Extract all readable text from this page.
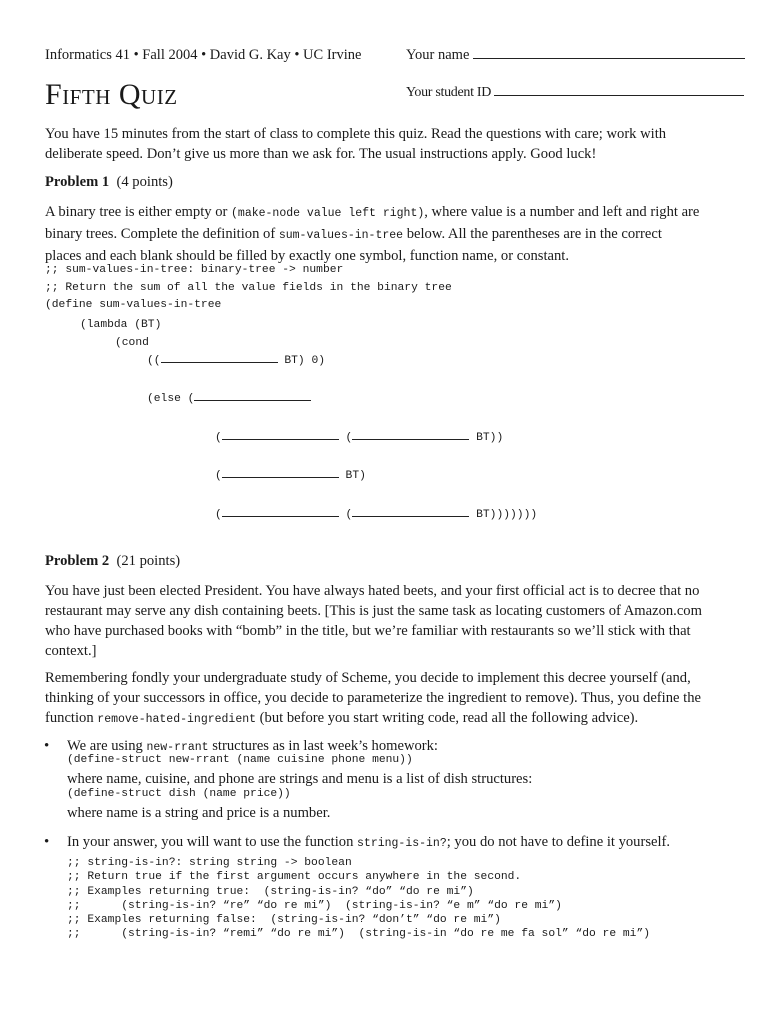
Informatics 41 • Fall 2004 • David G. Kay • UC Irvine	Your name
Your student ID
FIFTH QUIZ
You have 15 minutes from the start of class to complete this quiz. Read the questions with care; work with
deliberate speed. Don’t give us more than we ask for. The usual instructions apply. Good luck!
Problem 1 (4 points)
A binary tree is either empty or (make-node value left right), where value is a number and left and right are
binary trees. Complete the definition of sum-values-in-tree below. All the parentheses are in the correct
places and each blank should be filled by exactly one symbol, function name, or constant.
;; sum-values-in-tree: binary-tree -> number
;; Return the sum of all the value fields in the binary tree
(define sum-values-in-tree
(lambda (BT)
(cond
((	BT) 0)
(else (
(	(	BT))
(	BT)
(	(	BT)))))))
Problem 2 (21 points)
You have just been elected President. You have always hated beets, and your first official act is to decree that no
restaurant may serve any dish containing beets. [This is just the same task as locating customers of Amazon.com
who have purchased books with “bomb” in the title, but we’re familiar with restaurants so we’ll stick with that
context.]
Remembering fondly your undergraduate study of Scheme, you decide to implement this decree yourself (and,
thinking of your successors in office, you decide to parameterize the ingredient to remove). Thus, you define the
function remove-hated-ingredient (but before you start writing code, read all the following advice).
• We are using new-rrant structures as in last week’s homework:
(define-struct new-rrant (name cuisine phone menu))
where name, cuisine, and phone are strings and menu is a list of dish structures:
(define-struct dish (name price))
where name is a string and price is a number.
• In your answer, you will want to use the function string-is-in?; you do not have to define it yourself.
;; string-is-in?: string string -> boolean
;; Return true if the first argument occurs anywhere in the second.
;; Examples returning true:  (string-is-in? “do” “do re mi”)
;;      (string-is-in? “re” “do re mi”)  (string-is-in? “e m” “do re mi”)
;; Examples returning false:  (string-is-in? “don’t” “do re mi”)
;;      (string-is-in? “remi” “do re mi”)  (string-is-in “do re me fa sol” “do re mi”)
